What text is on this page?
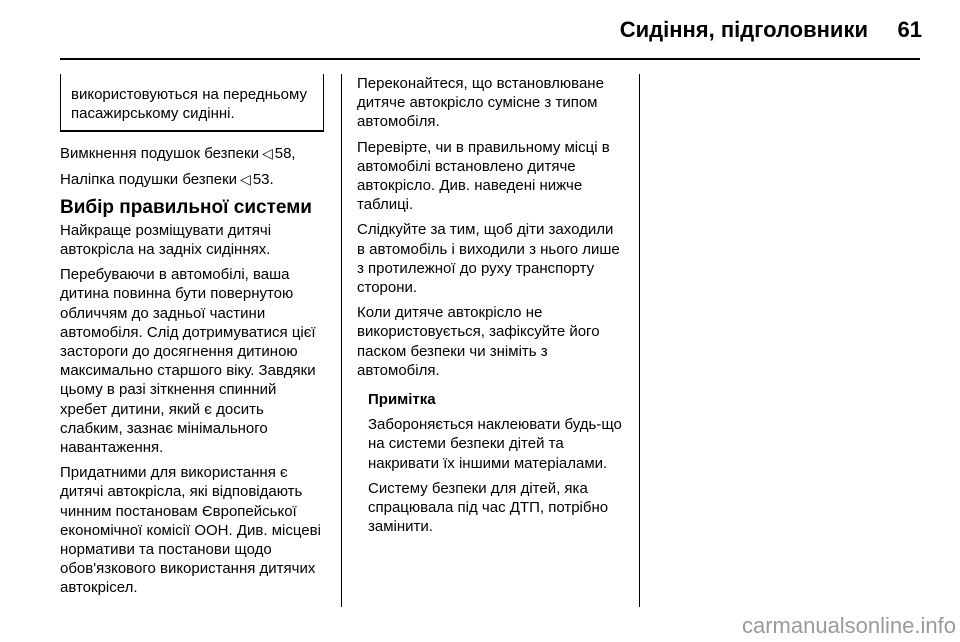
Сидіння, підголовники	61

використовуються на передньому пасажирському сидінні.

Вимкнення подушок безпеки ◁ 58,

Наліпка подушки безпеки ◁ 53.

Вибір правильної системи

Найкраще розміщувати дитячі автокрісла на задніх сидіннях.

Перебуваючи в автомобілі, ваша дитина повинна бути повернутою обличчям до задньої частини автомобіля. Слід дотримуватися цієї застороги до досягнення дитиною максимально старшого віку. Завдяки цьому в разі зіткнення спинний хребет дитини, який є досить слабким, зазнає мінімального навантаження.

Придатними для використання є дитячі автокрісла, які відповідають чинним постановам Європейської економічної комісії ООН. Див. місцеві нормативи та постанови щодо обов'язкового використання дитячих автокрісел.

Переконайтеся, що встановлюване дитяче автокрісло сумісне з типом автомобіля.

Перевірте, чи в правильному місці в автомобілі встановлено дитяче автокрісло. Див. наведені нижче таблиці.

Слідкуйте за тим, щоб діти заходили в автомобіль і виходили з нього лише з протилежної до руху транспорту сторони.

Коли дитяче автокрісло не використовується, зафіксуйте його паском безпеки чи зніміть з автомобіля.

Примітка

Забороняється наклеювати будь-що на системи безпеки дітей та накривати їх іншими матеріалами.

Систему безпеки для дітей, яка спрацювала під час ДТП, потрібно замінити.

carmanualsonline.info
